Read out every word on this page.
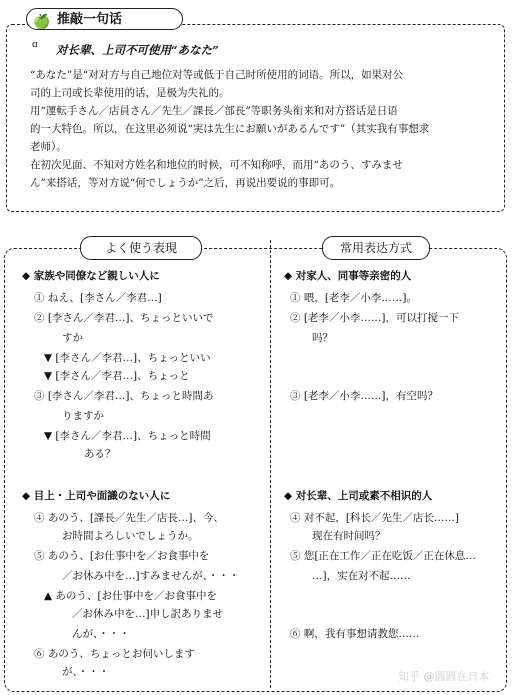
🍏 推敲一句话
ɑ 对长辈、上司不可使用“あなた”

“あなた”是“对对方与自己地位对等或低于自己时所使用的词语。所以，如果对公
司的上司或长辈使用的话，是极为失礼的。

用“運転手さん／店員さん／先生／課長／部長”等职务头衔来和对方搭话是日语
的一大特色。所以，在这里必须说“実は先生にお願いがあるんです”（其实我有事想求
老师）。

在初次见面、不知对方姓名和地位的时候，可不知称呼，而用“あのう、すみませ
ん”来搭话，等对方说“何でしょうか”之后，再说出要说的事即可。

よく使う表現	常用表达方式
◆ 家族や同僚など親しい人に
① ねえ、[李さん／李君…]
② [李さん／李君…]、ちょっといいで
すか
▼ [李さん／李君…]、ちょっといい
▼ [李さん／李君…]、ちょっと
③ [李さん／李君…]、ちょっと時間あ
りますか
▼ [李さん／李君…]、ちょっと時間
ある？
◆ 目上・上司や面識のない人に
④ あのう、[課長／先生／店長…]、今、
お時間よろしいでしょうか。
⑤ あのう、[お仕事中を／お食事中を
／お休み中を…]すみませんが、・・・
▲ あのう、[お仕事中を／お食事中を
／お休み中を…]申し訳ありませ
んが、・・・
⑥ あのう、ちょっとお伺いします
が、・・・
◆ 对家人、同事等亲密的人
① 喂，[老李／小李……]。
② [老李／小李……]，可以打搅一下
吗？
③ [老李／小李……]，有空吗？
◆ 对长辈、上司或素不相识的人
④ 对不起，[科长／先生／店长……]
现在有时间吗？
⑤ 您[正在工作／正在吃饭／正在休息…
…]，实在对不起……
⑥ 啊，我有事想请教您……
知乎 @圆圆在日本
